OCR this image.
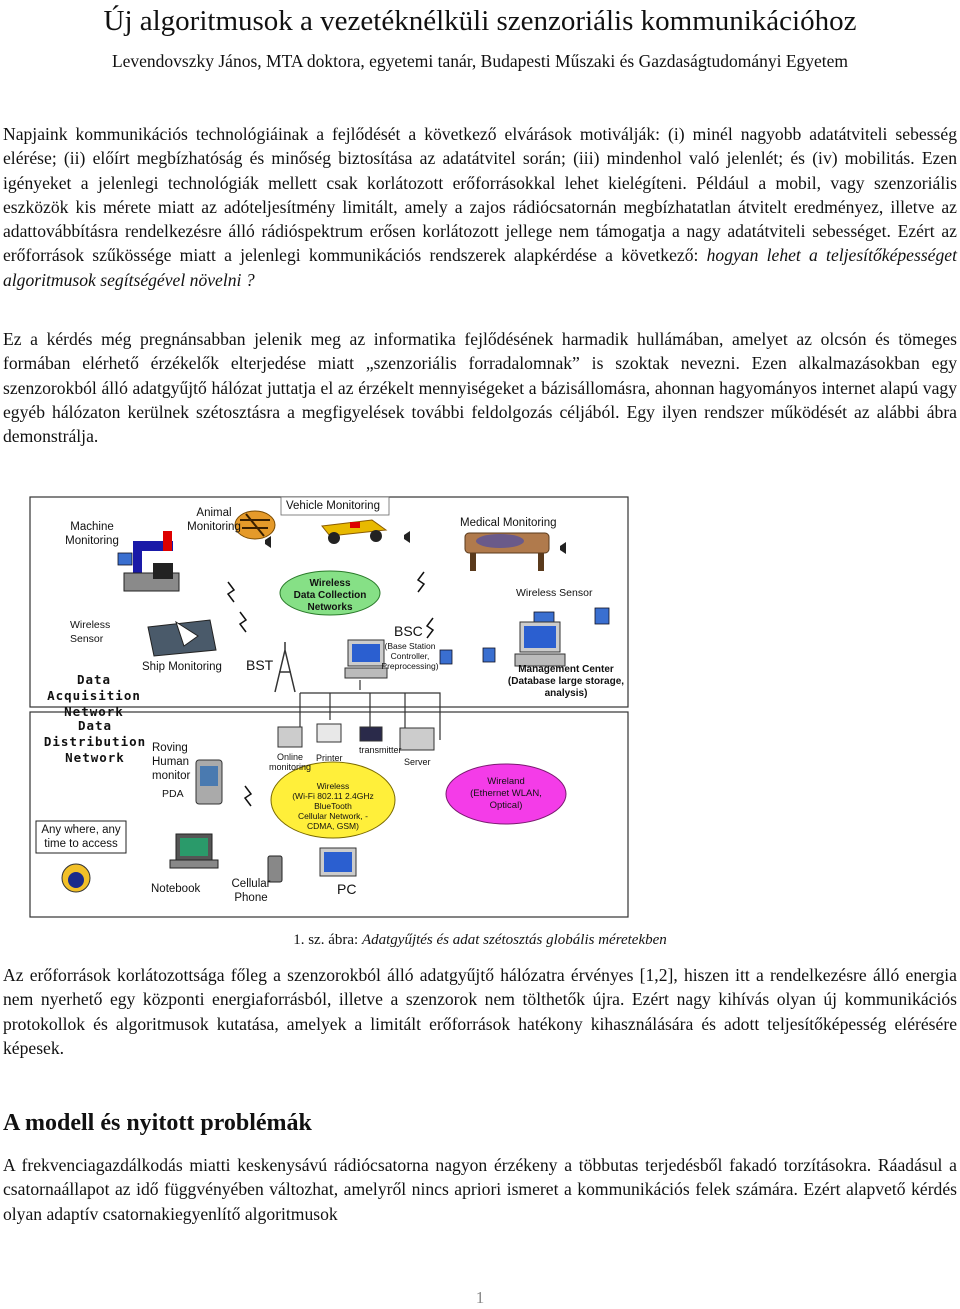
Új algoritmusok a vezetéknélküli szenzoriális kommunikációhoz
Levendovszky János, MTA doktora, egyetemi tanár, Budapesti Műszaki és Gazdaságtudományi Egyetem

Napjaink kommunikációs technológiáinak a fejlődését a következő elvárások motiválják: (i) minél nagyobb adatátviteli sebesség elérése; (ii) előírt megbízhatóság és minőség biztosítása az adatátvitel során; (iii) mindenhol való jelenlét; és (iv) mobilitás. Ezen igényeket a jelenlegi technológiák mellett csak korlátozott erőforrásokkal lehet kielégíteni. Például a mobil, vagy szenzoriális eszközök kis mérete miatt az adóteljesítmény limitált, amely a zajos rádiócsatornán megbízhatatlan átvitelt eredményez, illetve az adattovábbításra rendelkezésre álló rádióspektrum erősen korlátozott jellege nem támogatja a nagy adatátviteli sebességet. Ezért az erőforrások szűkössége miatt a jelenlegi kommunikációs rendszerek alapkérdése a következő: hogyan lehet a teljesítőképességet algoritmusok segítségével növelni ?

Ez a kérdés még pregnánsabban jelenik meg az informatika fejlődésének harmadik hullámában, amelyet az olcsón és tömeges formában elérhető érzékelők elterjedése miatt „szenzoriális forradalomnak” is szoktak nevezni. Ezen alkalmazásokban egy szenzorokból álló adatgyűjtő hálózat juttatja el az érzékelt mennyiségeket a bázisállomásra, ahonnan hagyományos internet alapú vagy egyéb hálózaton kerülnek szétosztásra a megfigyelések további feldolgozás céljából. Egy ilyen rendszer működését az alábbi ábra demonstrálja.

Machine
Monitoring
Animal
Monitoring
Vehicle Monitoring
Medical Monitoring
Wireless
Data Collection
Networks
Wireless Sensor
Wireless
Sensor	BSC
(Base Station
Controller,
Preprocessing)
Ship Monitoring BST
Data Acquisition
Network
Management Center
(Database large storage,
analysis)
Data Distribution
Network
Roving
Human
monitor
PDA
Online
monitoring
Printer
transmitter
Server
Wireless
(Wi-Fi 802.11 2.4GHz
BlueTooth
Cellular Network, -
CDMA, GSM)
Wireland
(Ethernet WLAN,
Optical)
Any where, any
time to access
Notebook	Cellular
Phone
PC
1. sz. ábra: Adatgyűjtés és adat szétosztás globális méretekben

Az erőforrások korlátozottsága főleg a szenzorokból álló adatgyűjtő hálózatra érvényes [1,2], hiszen itt a rendelkezésre álló energia nem nyerhető egy központi energiaforrásból, illetve a szenzorok nem tölthetők újra. Ezért nagy kihívás olyan új kommunikációs protokollok és algoritmusok kutatása, amelyek a limitált erőforrások hatékony kihasználására és adott teljesítőképesség elérésére képesek.

A modell és nyitott problémák

A frekvenciagazdálkodás miatti keskenysávú rádiócsatorna nagyon érzékeny a többutas terjedésből fakadó torzításokra. Ráadásul a csatornaállapot az idő függvényében változhat, amelyről nincs apriori ismeret a kommunikációs felek számára. Ezért alapvető kérdés olyan adaptív csatornakiegyenlítő algoritmusok

1
